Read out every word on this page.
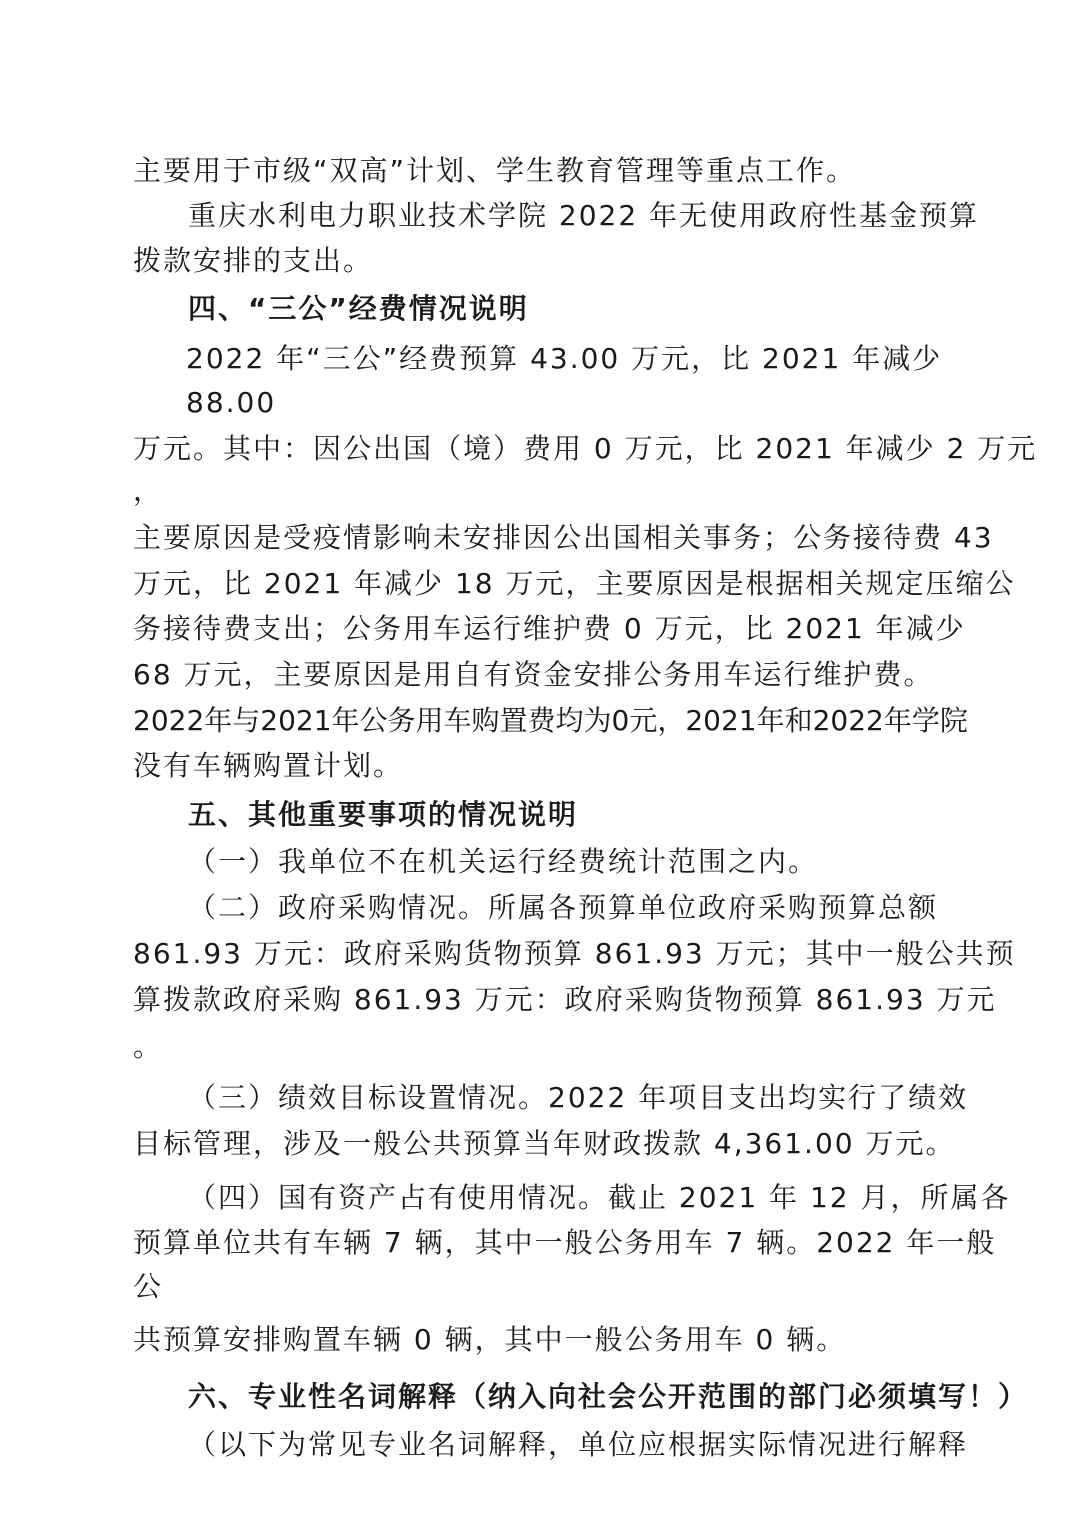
主要用于市级“双高”计划、学生教育管理等重点工作。
重庆水利电力职业技术学院 2022 年无使用政府性基金预算
拨款安排的支出。
四、“三公”经费情况说明
2022 年“三公”经费预算 43.00 万元，比 2021 年减少
88.00
万元。其中：因公出国（境）费用 0 万元，比 2021 年减少 2 万元
，
主要原因是受疫情影响未安排因公出国相关事务；公务接待费 43
万元，比 2021 年减少 18 万元，主要原因是根据相关规定压缩公
务接待费支出；公务用车运行维护费 0 万元，比 2021 年减少
68 万元，主要原因是用自有资金安排公务用车运行维护费。
2022年与2021年公务用车购置费均为0元，2021年和2022年学院
没有车辆购置计划。
五、其他重要事项的情况说明
（一）我单位不在机关运行经费统计范围之内。
（二）政府采购情况。所属各预算单位政府采购预算总额
861.93 万元：政府采购货物预算 861.93 万元；其中一般公共预
算拨款政府采购 861.93 万元：政府采购货物预算 861.93 万元
。
（三）绩效目标设置情况。2022 年项目支出均实行了绩效
目标管理，涉及一般公共预算当年财政拨款 4,361.00 万元。
（四）国有资产占有使用情况。截止 2021 年 12 月，所属各
预算单位共有车辆 7 辆，其中一般公务用车 7 辆。2022 年一般
公
共预算安排购置车辆 0 辆，其中一般公务用车 0 辆。
六、专业性名词解释（纳入向社会公开范围的部门必须填写！）
（以下为常见专业名词解释，单位应根据实际情况进行解释
